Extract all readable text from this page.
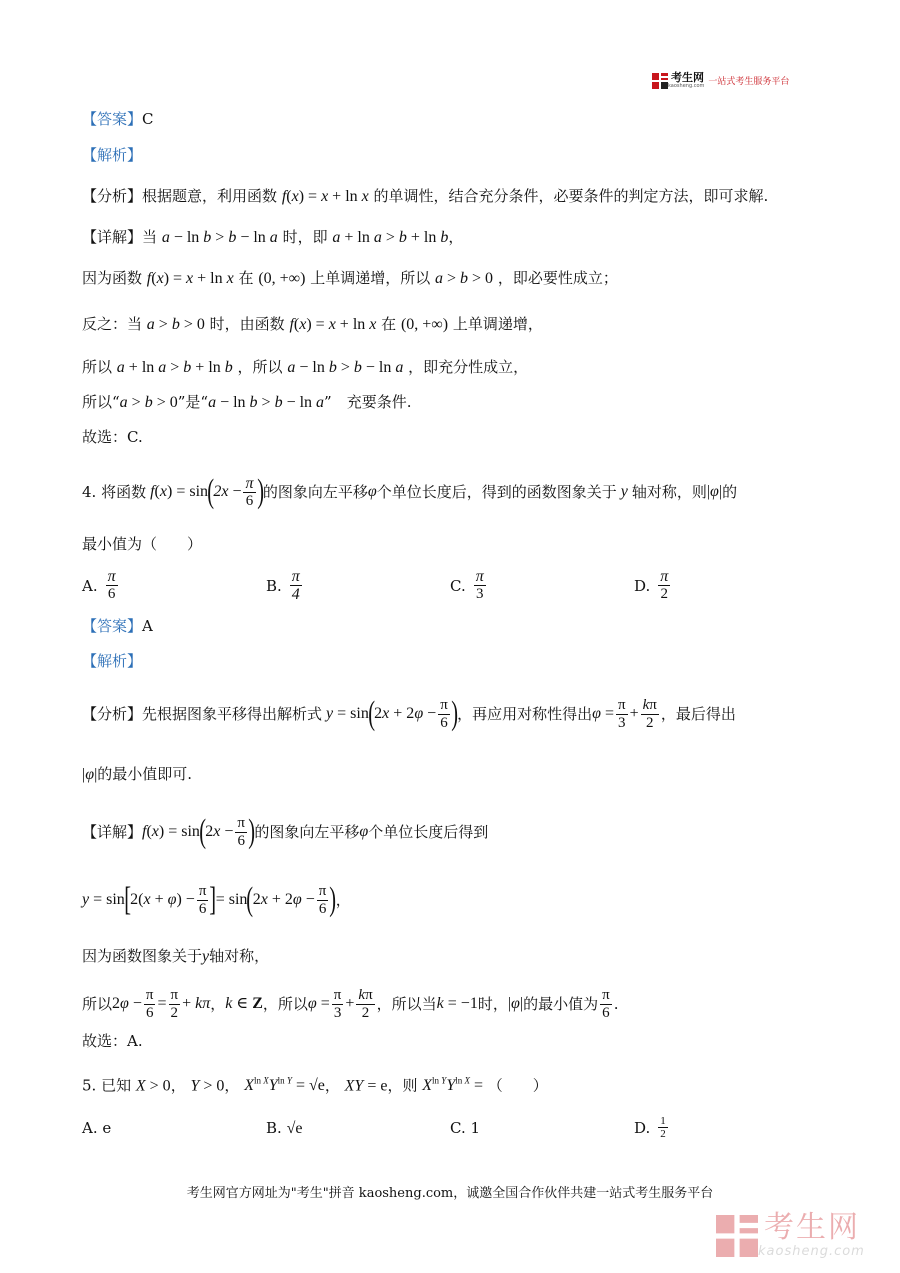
考生网
kaosheng.com 一站式考生服务平台
【答案】C
【解析】
【分析】根据题意，利用函数 f(x) = x + ln x 的单调性，结合充分条件，必要条件的判定方法，即可求解.
【详解】当 a − ln b > b − ln a 时，即 a + ln a > b + ln b，
因为函数 f(x) = x + ln x 在 (0, +∞) 上单调递增，所以 a > b > 0 ，即必要性成立；
反之：当 a > b > 0 时，由函数 f(x) = x + ln x 在 (0, +∞) 上单调递增，
所以 a + ln a > b + ln b ，所以 a − ln b > b − ln a ，即充分性成立，
所以“a > b > 0”是“a − ln b > b − ln a”　充要条件.
故选：C.
4. 将函数 f(x) = sin ( $2x - \frac{\pi}{6}$ ) 的图象向左平移 φ 个单位长度后，得到的函数图象关于 y 轴对称，则 |φ| 的
最小值为（　　）
A. $\frac{\pi}{6}$	B. $\frac{\pi}{4}$	C. $\frac{\pi}{3}$	D. $\frac{\pi}{2}$
【答案】A
【解析】
【分析】 先根据图象平移得出解析式 y = sin ( $2x + 2\varphi - \frac{\pi}{6}$ ) ，再应用对称性得出 $\varphi = \frac{\pi}{3} + \frac{k\pi}{2}$ ，最后得出
|φ|的最小值即可.
【详解】 f(x) = sin ( $2x - \frac{\pi}{6}$ ) 的图象向左平移 φ 个单位长度后得到
y = sin [ $2(x + \varphi) - \frac{\pi}{6}$ ] = sin ( $2x + 2\varphi - \frac{\pi}{6}$ ) ，
因为函数图象关于y轴对称，
所以 $2\varphi - \frac{\pi}{6} = \frac{\pi}{2} + k\pi$ ， k ∈ Z ，所以 $\varphi = \frac{\pi}{3} + \frac{k\pi}{2}$ ，所以当 k = −1 时， |φ| 的最小值为 $\frac{\pi}{6}$ .
故选：A.
5. 已知 X > 0， Y > 0， $X^{ln X}Y^{ln Y} = √e$， XY = e，则 $X^{ln Y}Y^{ln X}$ = （　　）
A. e	B. √e	C. 1	D. $\frac{1}{2}$
考生网官方网址为"考生"拼音 kaosheng.com，诚邀全国合作伙伴共建一站式考生服务平台
考生网
kaosheng.com
